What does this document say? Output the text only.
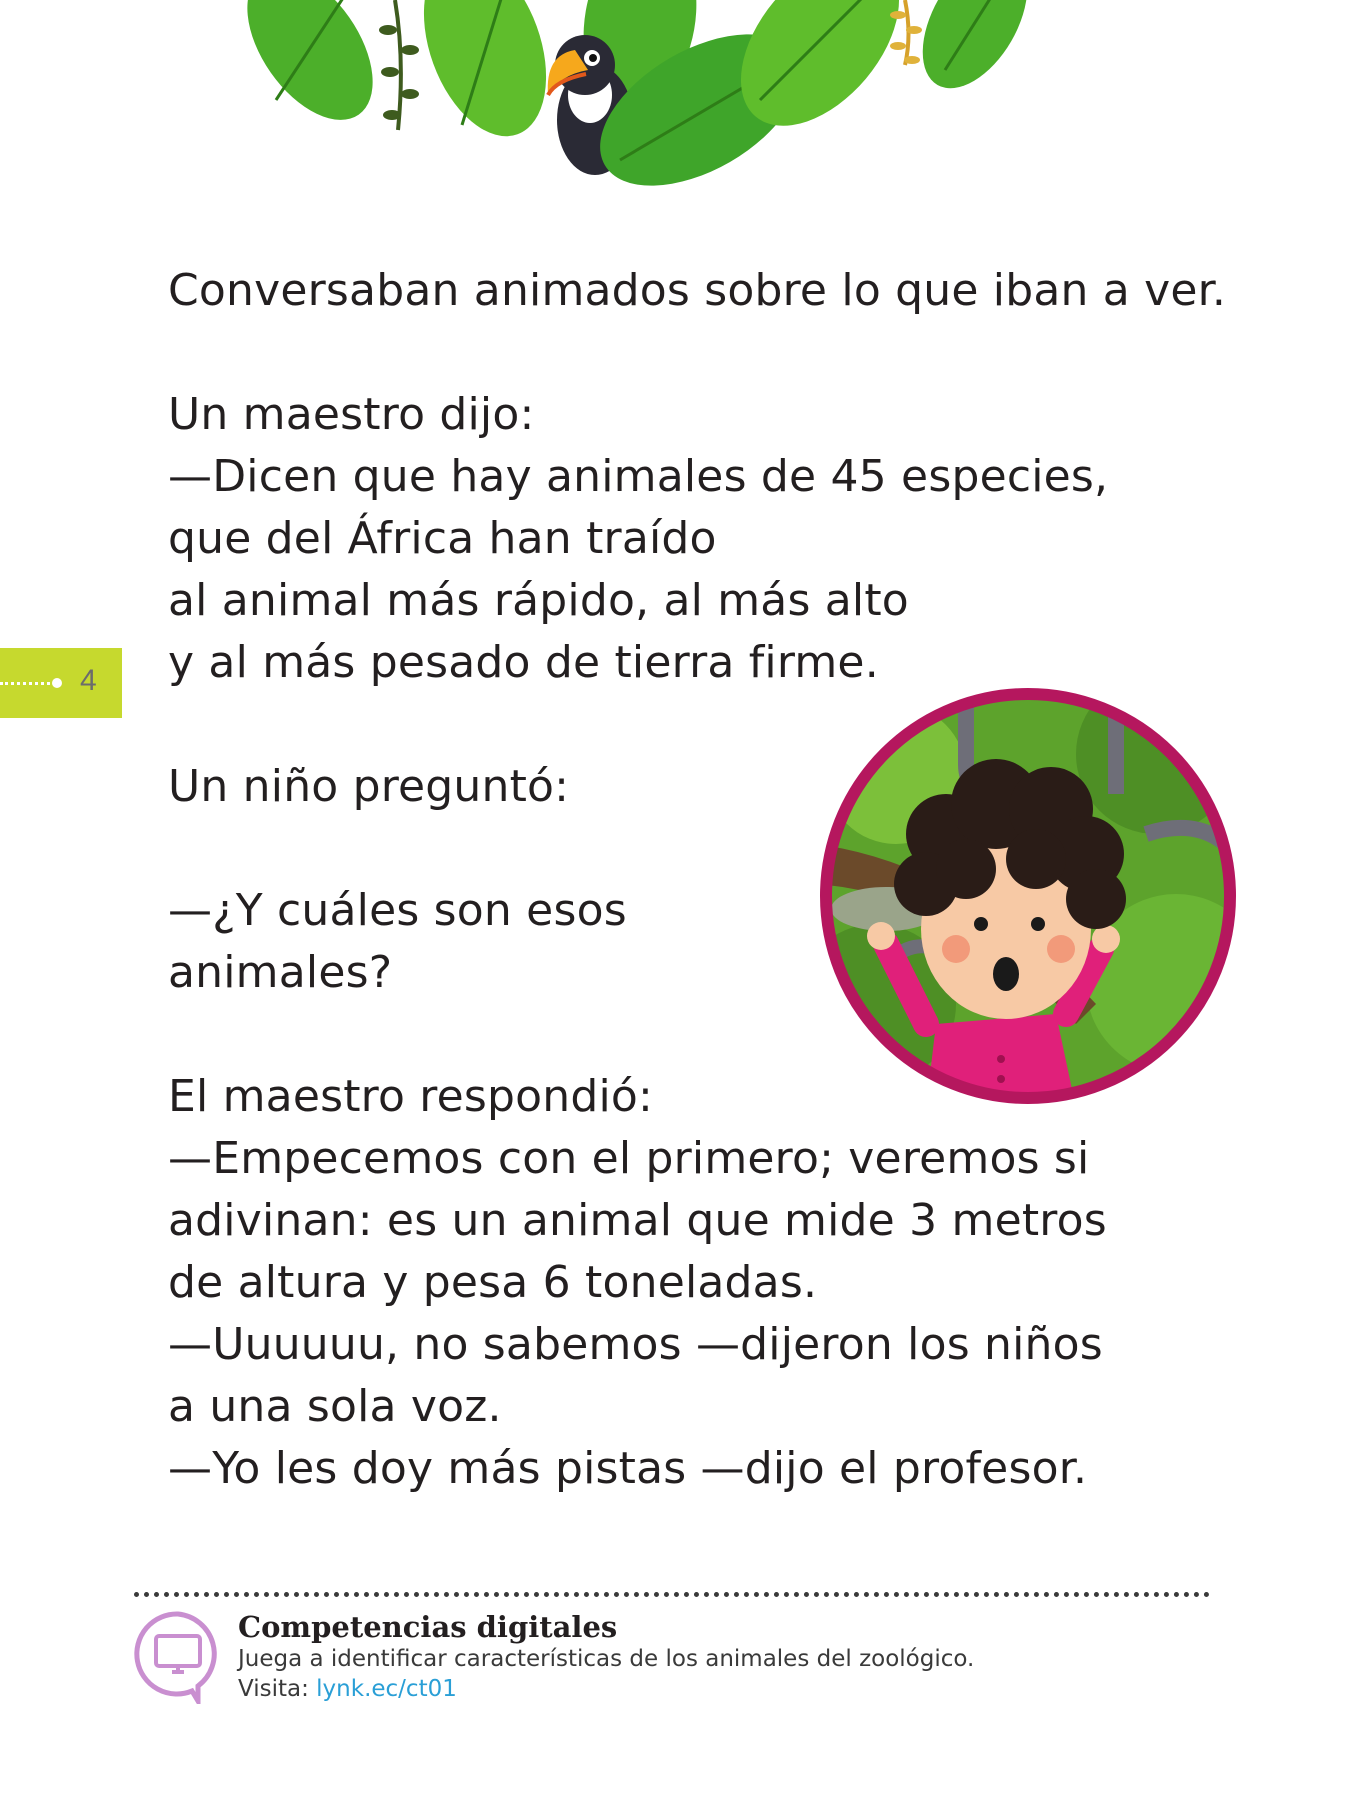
Conversaban animados sobre lo que iban a ver.
Un maestro dijo:
—Dicen que hay animales de 45 especies,
que del África han traído
al animal más rápido, al más alto
y al más pesado de tierra firme.
Un niño preguntó:
—¿Y cuáles son esos
animales?
El maestro respondió:
—Empecemos con el primero; veremos si
adivinan: es un animal que mide 3 metros
de altura y pesa 6 toneladas.
—Uuuuuu, no sabemos —dijeron los niños
a una sola voz.
—Yo les doy más pistas —dijo el profesor.
4
Competencias digitales
Juega a identificar características de los animales del zoológico.
Visita: lynk.ec/ct01
